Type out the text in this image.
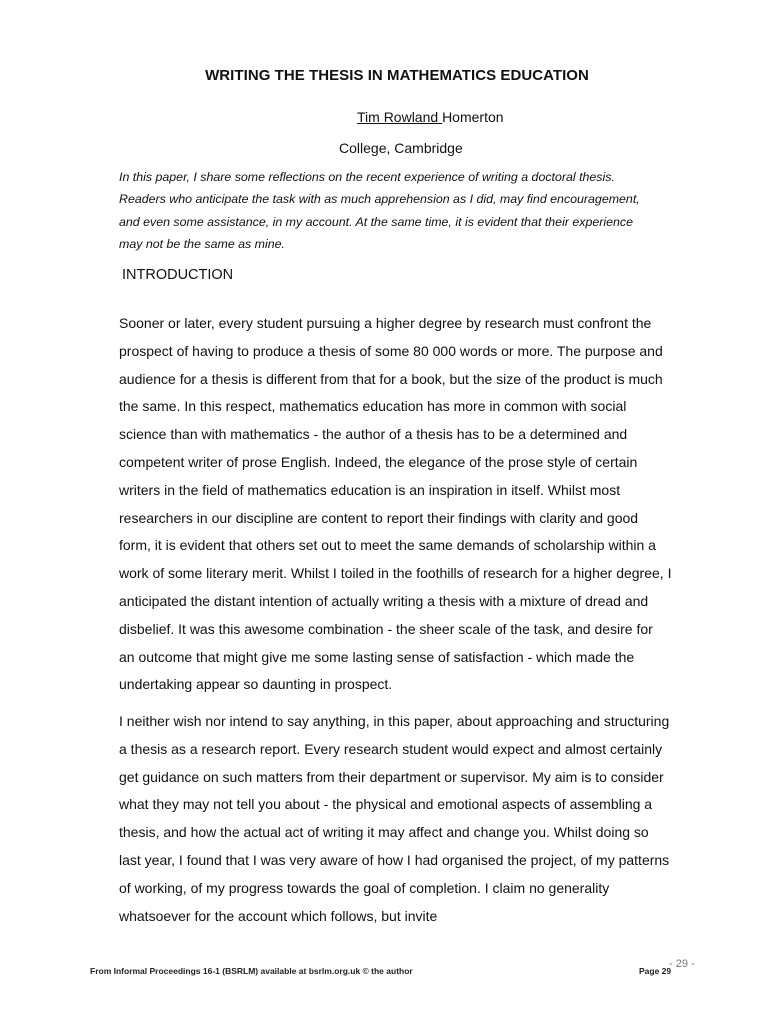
WRITING THE THESIS IN MATHEMATICS EDUCATION
Tim Rowland Homerton
College, Cambridge
In this paper, I share some reflections on the recent experience of writing a doctoral thesis.
Readers who anticipate the task with as much apprehension as I did, may find encouragement,
and even some assistance, in my account. At the same time, it is evident that their experience
may not be the same as mine.
INTRODUCTION
Sooner or later, every student pursuing a higher degree by research must confront the
prospect of having to produce a thesis of some 80 000 words or more. The purpose and
audience for a thesis is different from that for a book, but the size of the product is much
the same. In this respect, mathematics education has more in common with social
science than with mathematics - the author of a thesis has to be a determined and
competent writer of prose English. Indeed, the elegance of the prose style of certain
writers in the field of mathematics education is an inspiration in itself. Whilst most
researchers in our discipline are content to report their findings with clarity and good
form, it is evident that others set out to meet the same demands of scholarship within a
work of some literary merit. Whilst I toiled in the foothills of research for a higher degree, I
anticipated the distant intention of actually writing a thesis with a mixture of dread and
disbelief. It was this awesome combination - the sheer scale of the task, and desire for
an outcome that might give me some lasting sense of satisfaction - which made the
undertaking appear so daunting in prospect.
I neither wish nor intend to say anything, in this paper, about approaching and structuring
a thesis as a research report. Every research student would expect and almost certainly
get guidance on such matters from their department or supervisor. My aim is to consider
what they may not tell you about - the physical and emotional aspects of assembling a
thesis, and how the actual act of writing it may affect and change you. Whilst doing so
last year, I found that I was very aware of how I had organised the project, of my patterns
of working, of my progress towards the goal of completion. I claim no generality
whatsoever for the account which follows, but invite
From Informal Proceedings 16-1 (BSRLM) available at bsrlm.org.uk © the author	Page 29
- 29 -
